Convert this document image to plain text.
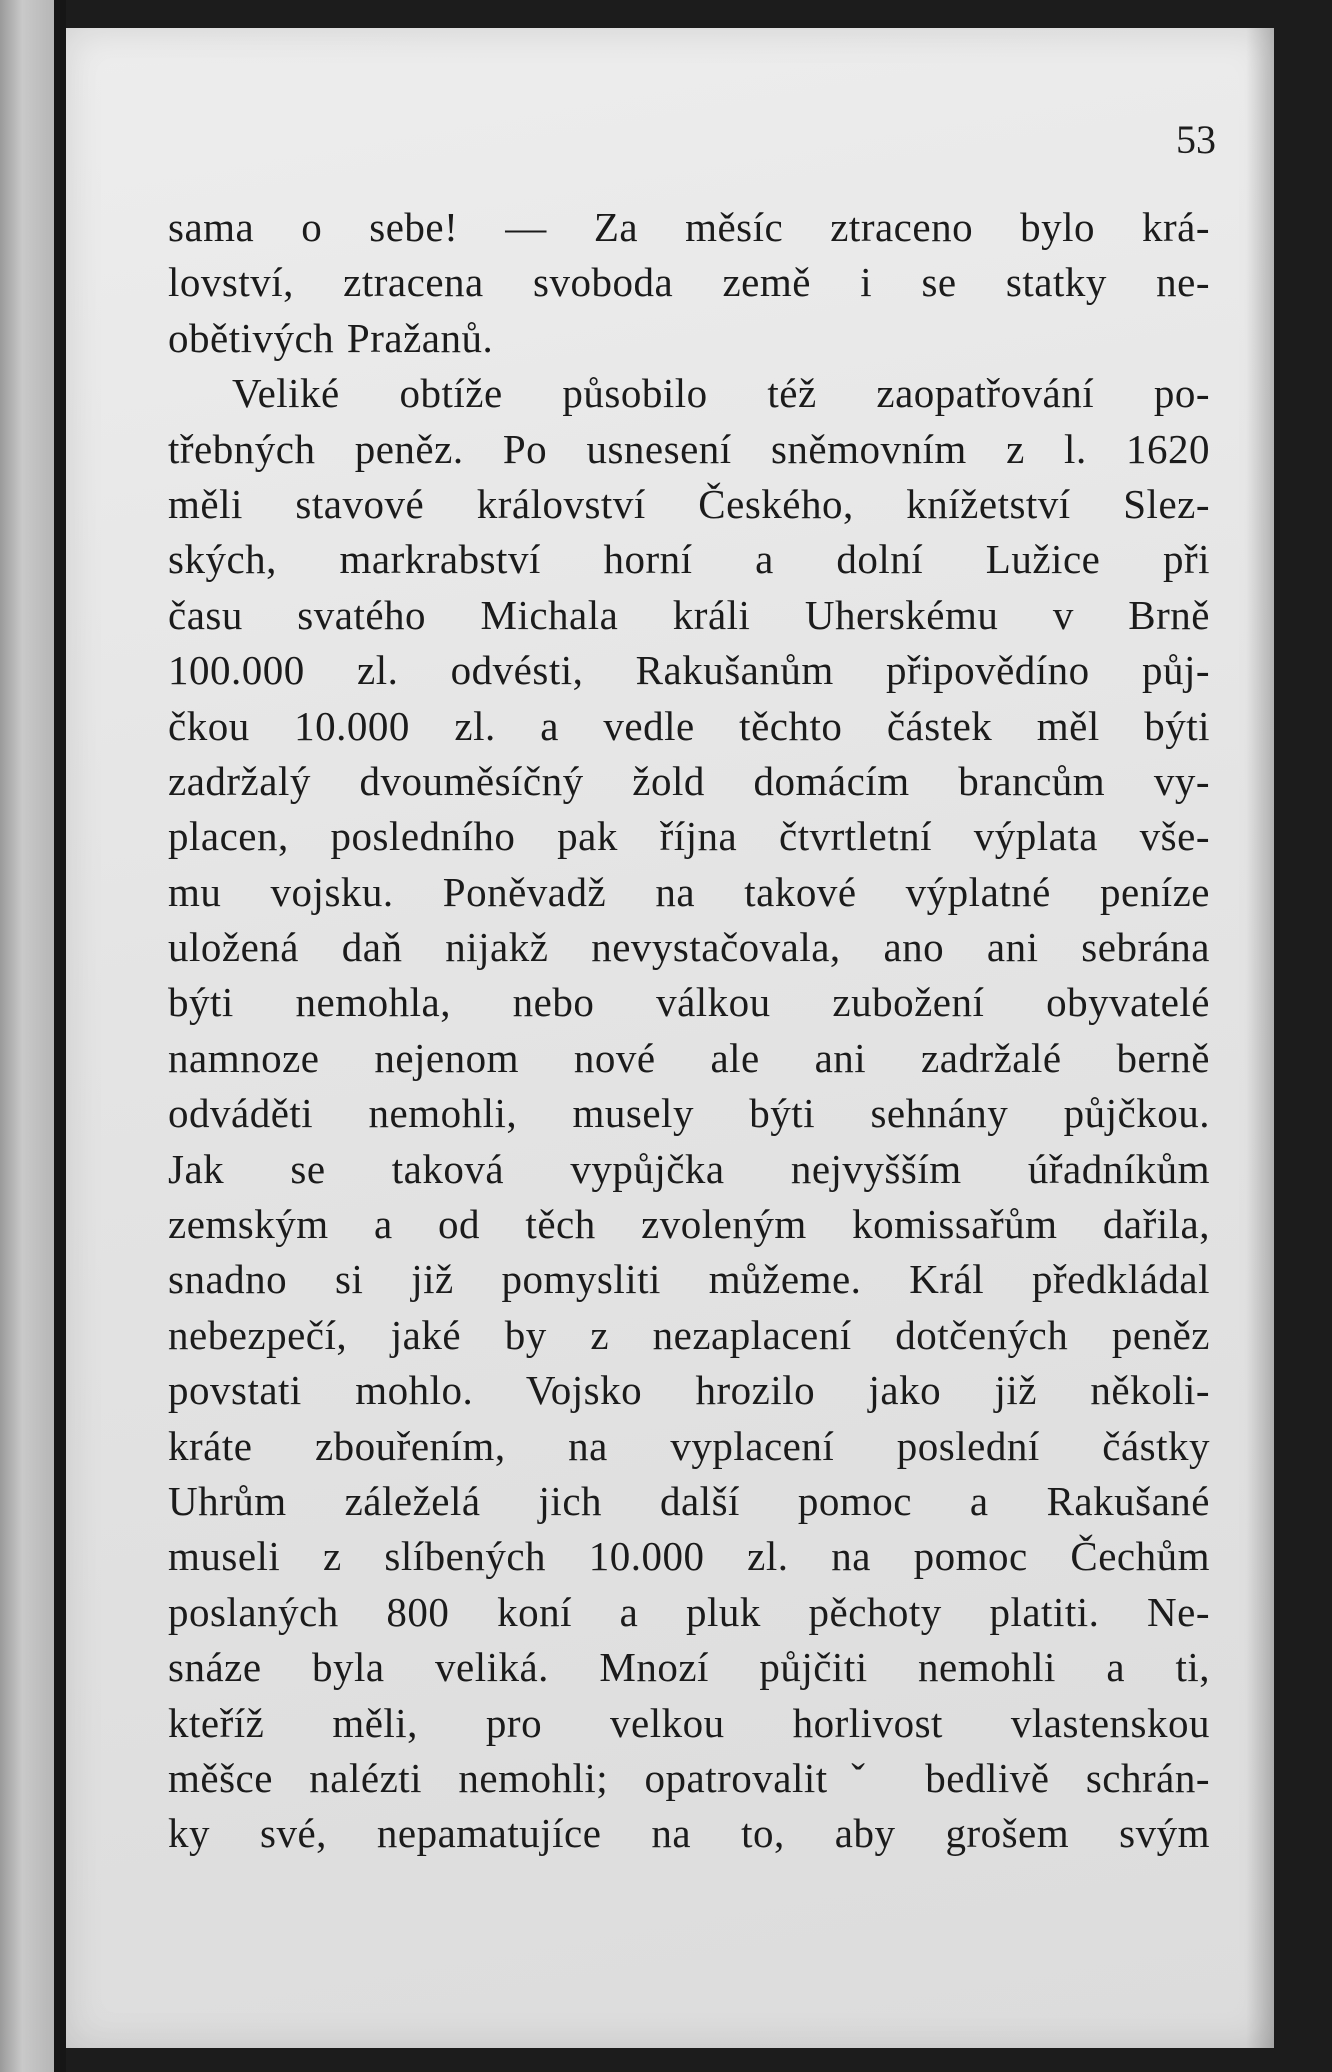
53

sama o sebe! — Za měsíc ztraceno bylo krá-
lovství, ztracena svoboda země i se statky ne-
obětivých Pražanů.
Veliké obtíže působilo též zaopatřování po-
třebných peněz. Po usnesení sněmovním z l. 1620
měli stavové království Českého, knížetství Slez-
ských, markrabství horní a dolní Lužice při
času svatého Michala králi Uherskému v Brně
100.000 zl. odvésti, Rakušanům připovědíno půj-
čkou 10.000 zl. a vedle těchto částek měl býti
zadržalý dvouměsíčný žold domácím brancům vy-
placen, posledního pak října čtvrtletní výplata vše-
mu vojsku. Poněvadž na takové výplatné peníze
uložená daň nijakž nevystačovala, ano ani sebrána
býti nemohla, nebo válkou zubožení obyvatelé
namnoze nejenom nové ale ani zadržalé berně
odváděti nemohli, musely býti sehnány půjčkou.
Jak se taková vypůjčka nejvyšším úřadníkům
zemským a od těch zvoleným komissařům dařila,
snadno si již pomysliti můžeme. Král předkládal
nebezpečí, jaké by z nezaplacení dotčených peněz
povstati mohlo. Vojsko hrozilo jako již několi-
kráte zbouřením, na vyplacení poslední částky
Uhrům záleželá jich další pomoc a Rakušané
museli z slíbených 10.000 zl. na pomoc Čechům
poslaných 800 koní a pluk pěchoty platiti. Ne-
snáze byla veliká. Mnozí půjčiti nemohli a ti,
kteříž měli, pro velkou horlivost vlastenskou
měšce nalézti nemohli; opatrovalitˇ bedlivě schrán-
ky své, nepamatujíce na to, aby grošem svým
